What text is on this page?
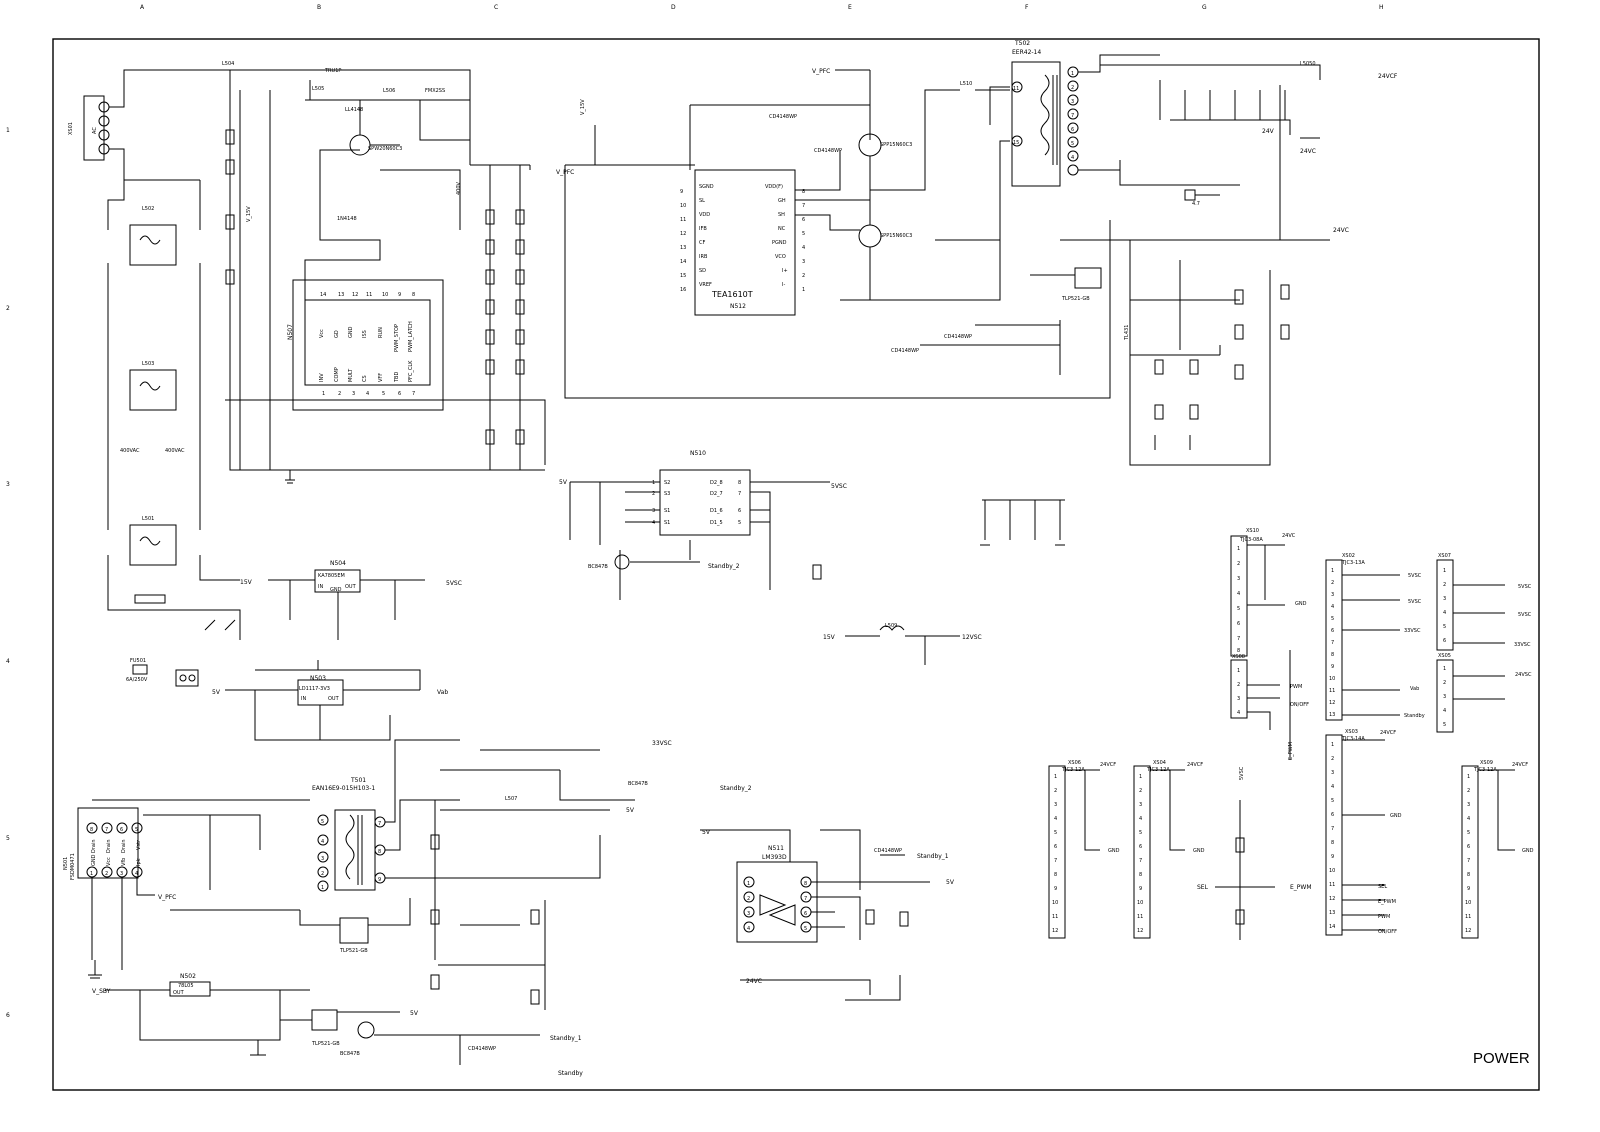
A	B	C	D	E	F	G	H
1
2
3
4
5
6
TEA1610T
N512
SGND
SL
VDD
IFB
CF
IRB
SD
VREF
9
10
11
12
13
14
15
16
VDD(F)
GH
SH
NC
PGND
VCO
I+
I-
8
7
6
5
4
3
2
1
N507
14 13 12 11 10 9 8
1	2 3 4	5	6 7
Vcc GD GND ISS RUN PWM_STOP PWM_LATCH
INV COMP MULT CS VFF TBD PFC_CLK
T502
EER42-14
11
15
1
2
3
7
6
5
4
T501
EAN16E9-015H103-1
5
4
3
2
1
7
8
9
XS01	AC
FU501
6A/250V
400VAC	400VAC
L502
L503
L501
L504
V_PFC
V_PFC
V_15V
V_15V
24VCF
24VC
24VC
24V
5VSC
5VSC
5V
5V
15V
15V	12VSC
Vab
33VSC
5V
Standby_2
Standby_2
V_PFC
V_SBY
5V
5V
Standby_1
Standby_1
Standby
24VC
5V
SEL	E_PWM
5VSC
E_PWM
N510
1
2
3
4
S2
S3
S1
S1
8
7
6
5
D2_8
D2_7
D1_6
D1_5
N504
KA7805EM
IN	OUT
GND
N503
LD1117-3V3
IN	OUT
N502
78L05
OUT
N501 FSDM0471
8 7 6 5
Drain Drain Drain Vstr
1 2 3 4
GND Vcc Vfb Ipk
N511
LM393D
1
2
3
4
8
7
6
5
TLP521-GB
TLP521-GB
TLP521-GB
TRU1P
SPW20N60C3
1N4148
LL4148
FMX2SS
SPP15N60C3
SPP15N60C3
CD4148WP
CD4148WP
CD4148WP
CD4148WP
CD4148WP
CD4148WP
BC847B
BC847B
BC847B
TL431
L5050
L510
L509
L505	L506
L507
4.7
400V
XS10
TJC3-08A
24VC
GND
1
2
3
4
5
6
7
8
XS08
1
2
3
4
PWM
ON/OFF
XS02
TJC3-13A
5VSC
5VSC
33VSC
Vab
Standby
1
2
3
4
5
6
7
8
9
10
11
12
13
XS07
1
2
3
4
5
6
5VSC
5VSC
33VSC
XS05
1
2
3
4
5
24VSC
XS06
TJC3-12A
24VCF
GND
1
2
3
4
5
6
7
8
9
10
11
12
XS04
TJC3-12A
24VCF
GND
1
2
3
4
5
6
7
8
9
10
11
12
XS03
TJC3-14A
24VCF
GND
SEL
E_PWM
PWM
ON/OFF
1
2
3
4
5
6
7
8
9
10
11
12
13
14
XS09
TJC3-12A
24VCF
GND
1
2
3
4
5
6
7
8
9
10
11
12
POWER
